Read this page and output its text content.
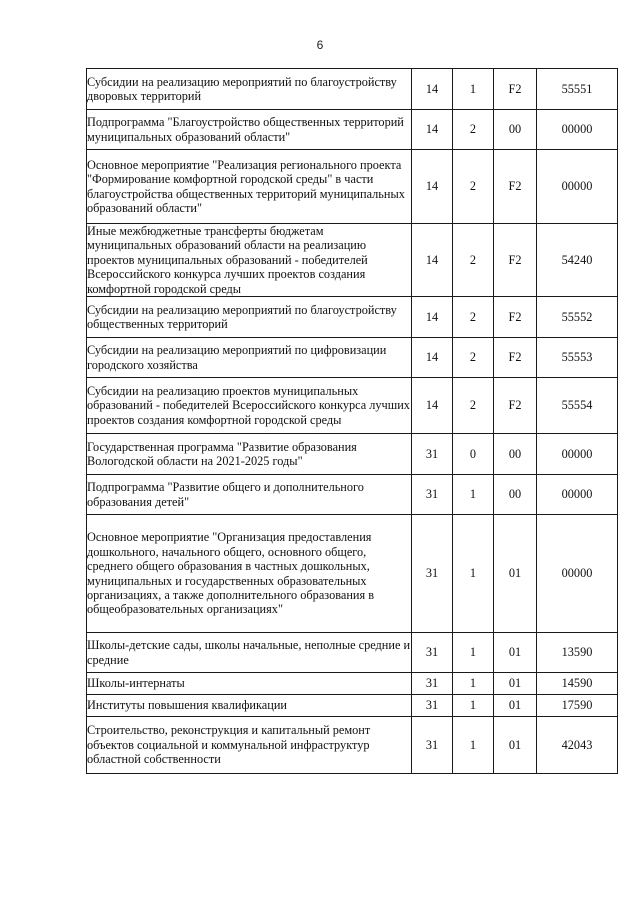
6
Субсидии на реализацию мероприятий по благоустройству дворовых территорий	14	1	F2	55551
Подпрограмма "Благоустройство общественных территорий муниципальных образований области"	14	2	00	00000
Основное мероприятие "Реализация регионального проекта "Формирование комфортной городской среды" в части благоустройства общественных территорий муниципальных образований области"	14	2	F2	00000
Иные межбюджетные трансферты бюджетам муниципальных образований области на реализацию проектов муниципальных образований - победителей Всероссийского конкурса лучших проектов создания комфортной городской среды	14	2	F2	54240
Субсидии на реализацию мероприятий по благоустройству общественных территорий	14	2	F2	55552
Субсидии на реализацию мероприятий по цифровизации городского хозяйства	14	2	F2	55553
Субсидии на реализацию проектов муниципальных образований - победителей Всероссийского конкурса лучших проектов создания комфортной городской среды	14	2	F2	55554
Государственная программа "Развитие образования Вологодской области на 2021-2025 годы"	31	0	00	00000
Подпрограмма "Развитие общего и дополнительного образования детей"	31	1	00	00000
Основное мероприятие "Организация предоставления дошкольного, начального общего, основного общего, среднего общего образования в частных дошкольных, муниципальных и государственных образовательных организациях, а также дополнительного образования в общеобразовательных организациях"	31	1	01	00000
Школы-детские сады, школы начальные, неполные средние и средние	31	1	01	13590
Школы-интернаты	31	1	01	14590
Институты повышения квалификации	31	1	01	17590
Строительство, реконструкция и капитальный ремонт объектов социальной и коммунальной инфраструктур областной собственности	31	1	01	42043
